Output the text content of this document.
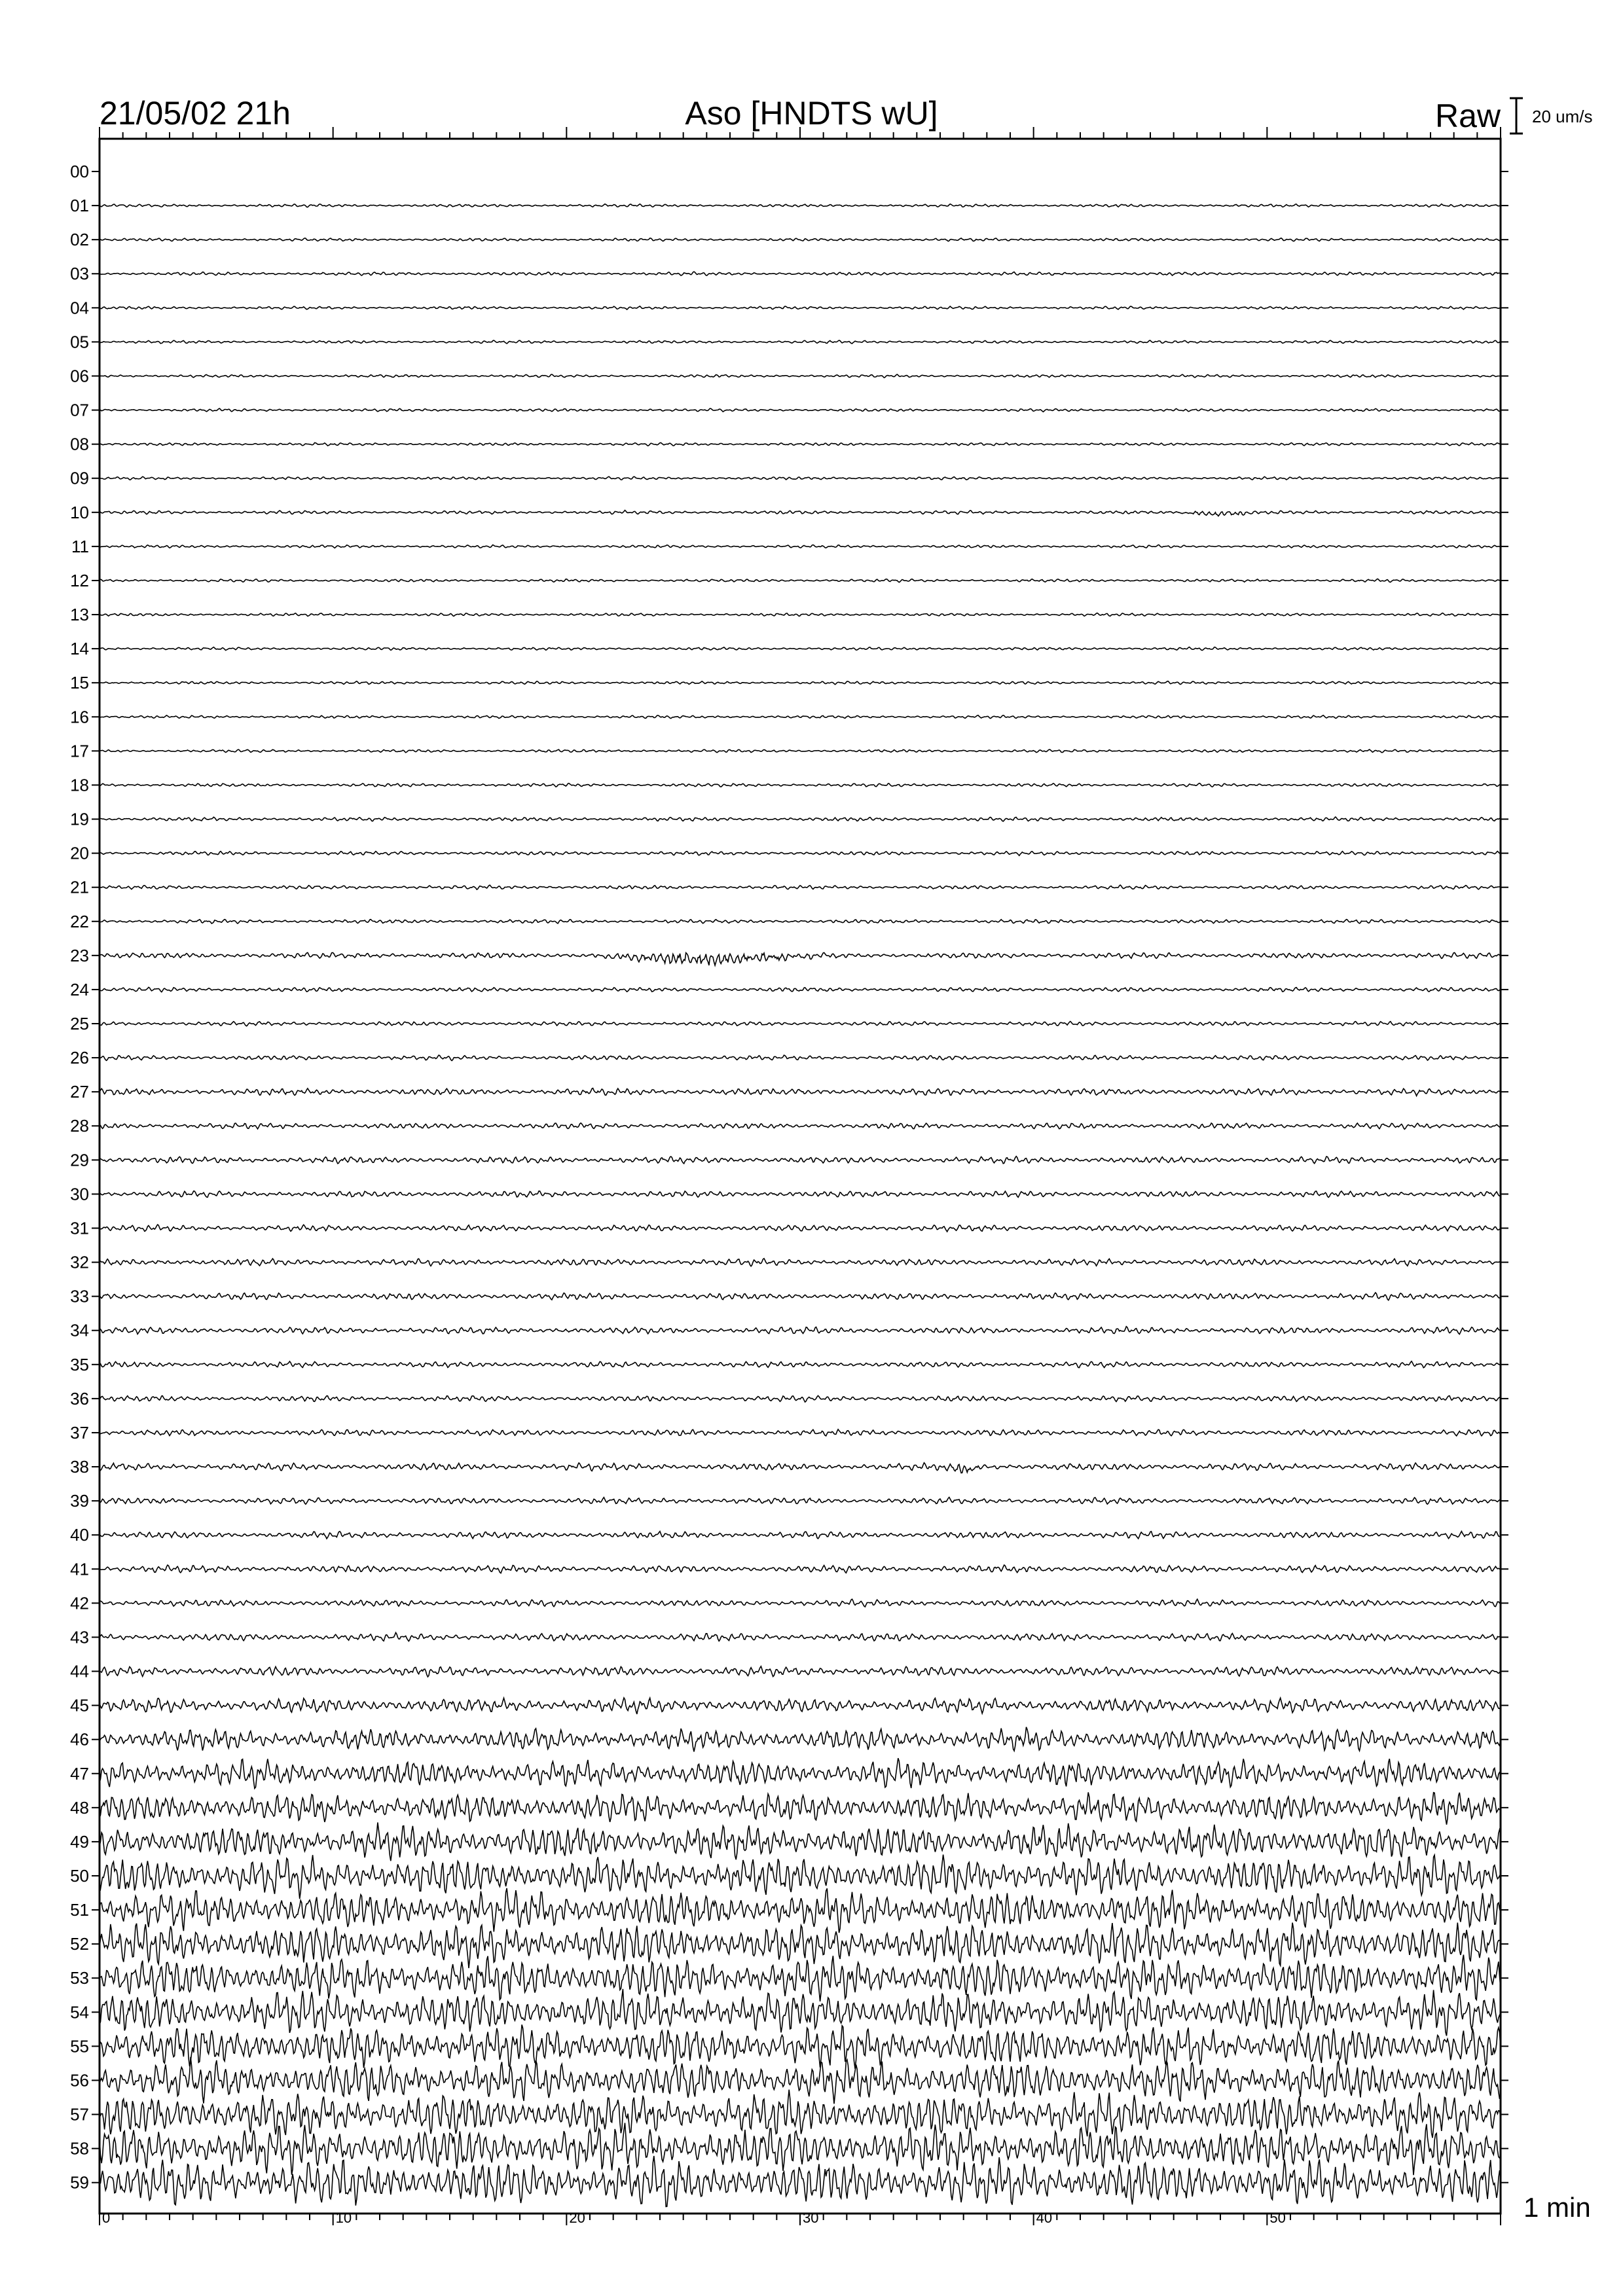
00
01
02
03
04
05
06
07
08
09
10
11
12
13
14
15
16
17
18
19
20
21
22
23
24
25
26
27
28
29
30
31
32
33
34
35
36
37
38
39
40
41
42
43
44
45
46
47
48
49
50
51
52
53
54
55
56
57
58
59
0	10	20	30	40	50
21/05/02 21h	Aso [HNDTS wU]	Raw 20 um/s
1 min
